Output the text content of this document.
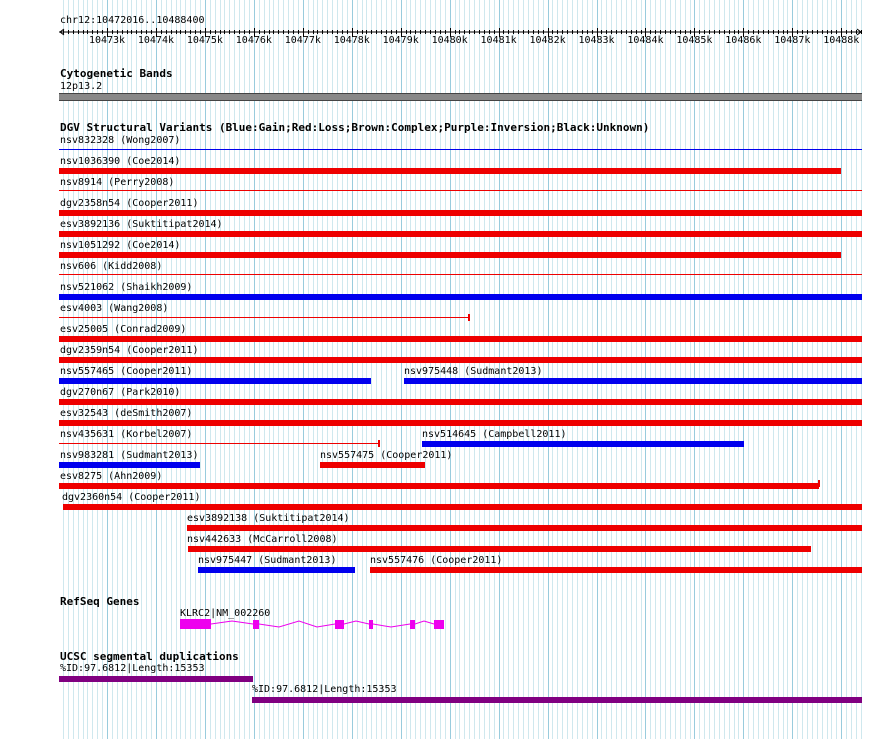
chr12:10472016..10488400
10473k 10474k 10475k 10476k 10477k 10478k 10479k 10480k 10481k 10482k 10483k 10484k 10485k 10486k 10487k 10488k
Cytogenetic Bands
12p13.2
DGV Structural Variants (Blue:Gain;Red:Loss;Brown:Complex;Purple:Inversion;Black:Unknown)
nsv832328 (Wong2007)
nsv1036390 (Coe2014)
nsv8914 (Perry2008)
dgv2358n54 (Cooper2011)
esv3892136 (Suktitipat2014)
nsv1051292 (Coe2014)
nsv606 (Kidd2008)
nsv521062 (Shaikh2009)
esv4003 (Wang2008)
esv25005 (Conrad2009)
dgv2359n54 (Cooper2011)
nsv557465 (Cooper2011)	nsv975448 (Sudmant2013)
dgv270n67 (Park2010)
esv32543 (deSmith2007)
nsv435631 (Korbel2007)	nsv514645 (Campbell2011)
nsv983281 (Sudmant2013)	nsv557475 (Cooper2011)
esv8275 (Ahn2009)
dgv2360n54 (Cooper2011)
esv3892138 (Suktitipat2014)
nsv442633 (McCarroll2008)
nsv975447 (Sudmant2013)	nsv557476 (Cooper2011)
RefSeq Genes
KLRC2|NM_002260
UCSC segmental duplications
%ID:97.6812|Length:15353
%ID:97.6812|Length:15353
